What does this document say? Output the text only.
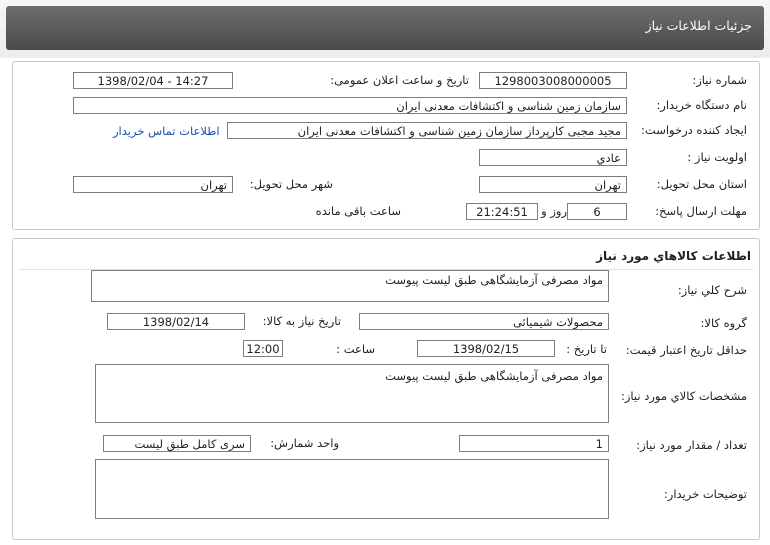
جزئیات اطلاعات نیاز
شماره نیاز:
1298003008000005
تاریخ و ساعت اعلان عمومی:
1398/02/04 - 14:27
نام دستگاه خریدار:
سازمان زمین شناسی و اکتشافات معدنی ایران
ایجاد کننده درخواست:
مجید مجبی کارپرداز سازمان زمین شناسی و اکتشافات معدنی ایران
اطلاعات تماس خریدار
اولویت نیاز :
عادي
استان محل تحویل:
تهران
شهر محل تحویل:
تهران
مهلت ارسال پاسخ:
6
روز و
21:24:51
ساعت باقی مانده
اطلاعات کالاهاي مورد نياز
شرح کلي نياز:
مواد مصرفی آزمایشگاهی طبق لیست پیوست
گروه کالا:
محصولات شیمیائی
تاریخ نیاز به کالا:
1398/02/14
حداقل تاریخ اعتبار قیمت:
تا تاریخ :
1398/02/15
ساعت :
12:00
مشخصات کالاي مورد نياز:
مواد مصرفی آزمایشگاهی طبق لیست پیوست
تعداد / مقدار مورد نیاز:
1
واحد شمارش:
سری کامل طبق لیست
توضیحات خریدار:
